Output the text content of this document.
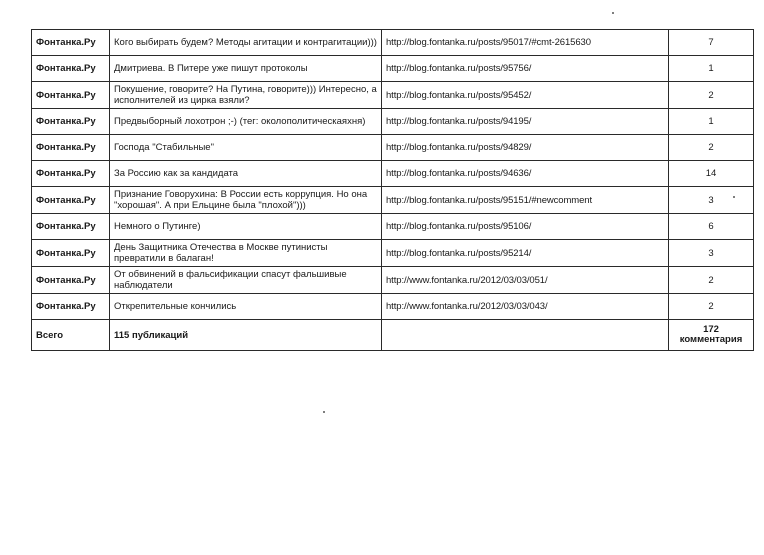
Фонтанка.Ру	Кого выбирать будем? Методы агитации и контрагитации)))	http://blog.fontanka.ru/posts/95017/#cmt-2615630	7
Фонтанка.Ру	Дмитриева. В Питере уже пишут протоколы	http://blog.fontanka.ru/posts/95756/	1
Фонтанка.Ру	Покушение, говорите? На Путина, говорите))) Интересно, а исполнителей из цирка взяли?	http://blog.fontanka.ru/posts/95452/	2
Фонтанка.Ру	Предвыборный лохотрон ;-) (тег: околополитическаяхня)	http://blog.fontanka.ru/posts/94195/	1
Фонтанка.Ру	Господа "Стабильные"	http://blog.fontanka.ru/posts/94829/	2
Фонтанка.Ру	За Россию как за кандидата	http://blog.fontanka.ru/posts/94636/	14
Фонтанка.Ру	Признание Говорухина: В России есть коррупция. Но она "хорошая". А при Ельцине была "плохой")))	http://blog.fontanka.ru/posts/95151/#newcomment	3
Фонтанка.Ру	Немного о Путинге)	http://blog.fontanka.ru/posts/95106/	6
Фонтанка.Ру	День Защитника Отечества в Москве путинисты превратили в балаган!	http://blog.fontanka.ru/posts/95214/	3
Фонтанка.Ру	От обвинений в фальсификации спасут фальшивые наблюдатели	http://www.fontanka.ru/2012/03/03/051/	2
Фонтанка.Ру	Открепительные кончились	http://www.fontanka.ru/2012/03/03/043/	2
Всего	115 публикаций		172 комментария
